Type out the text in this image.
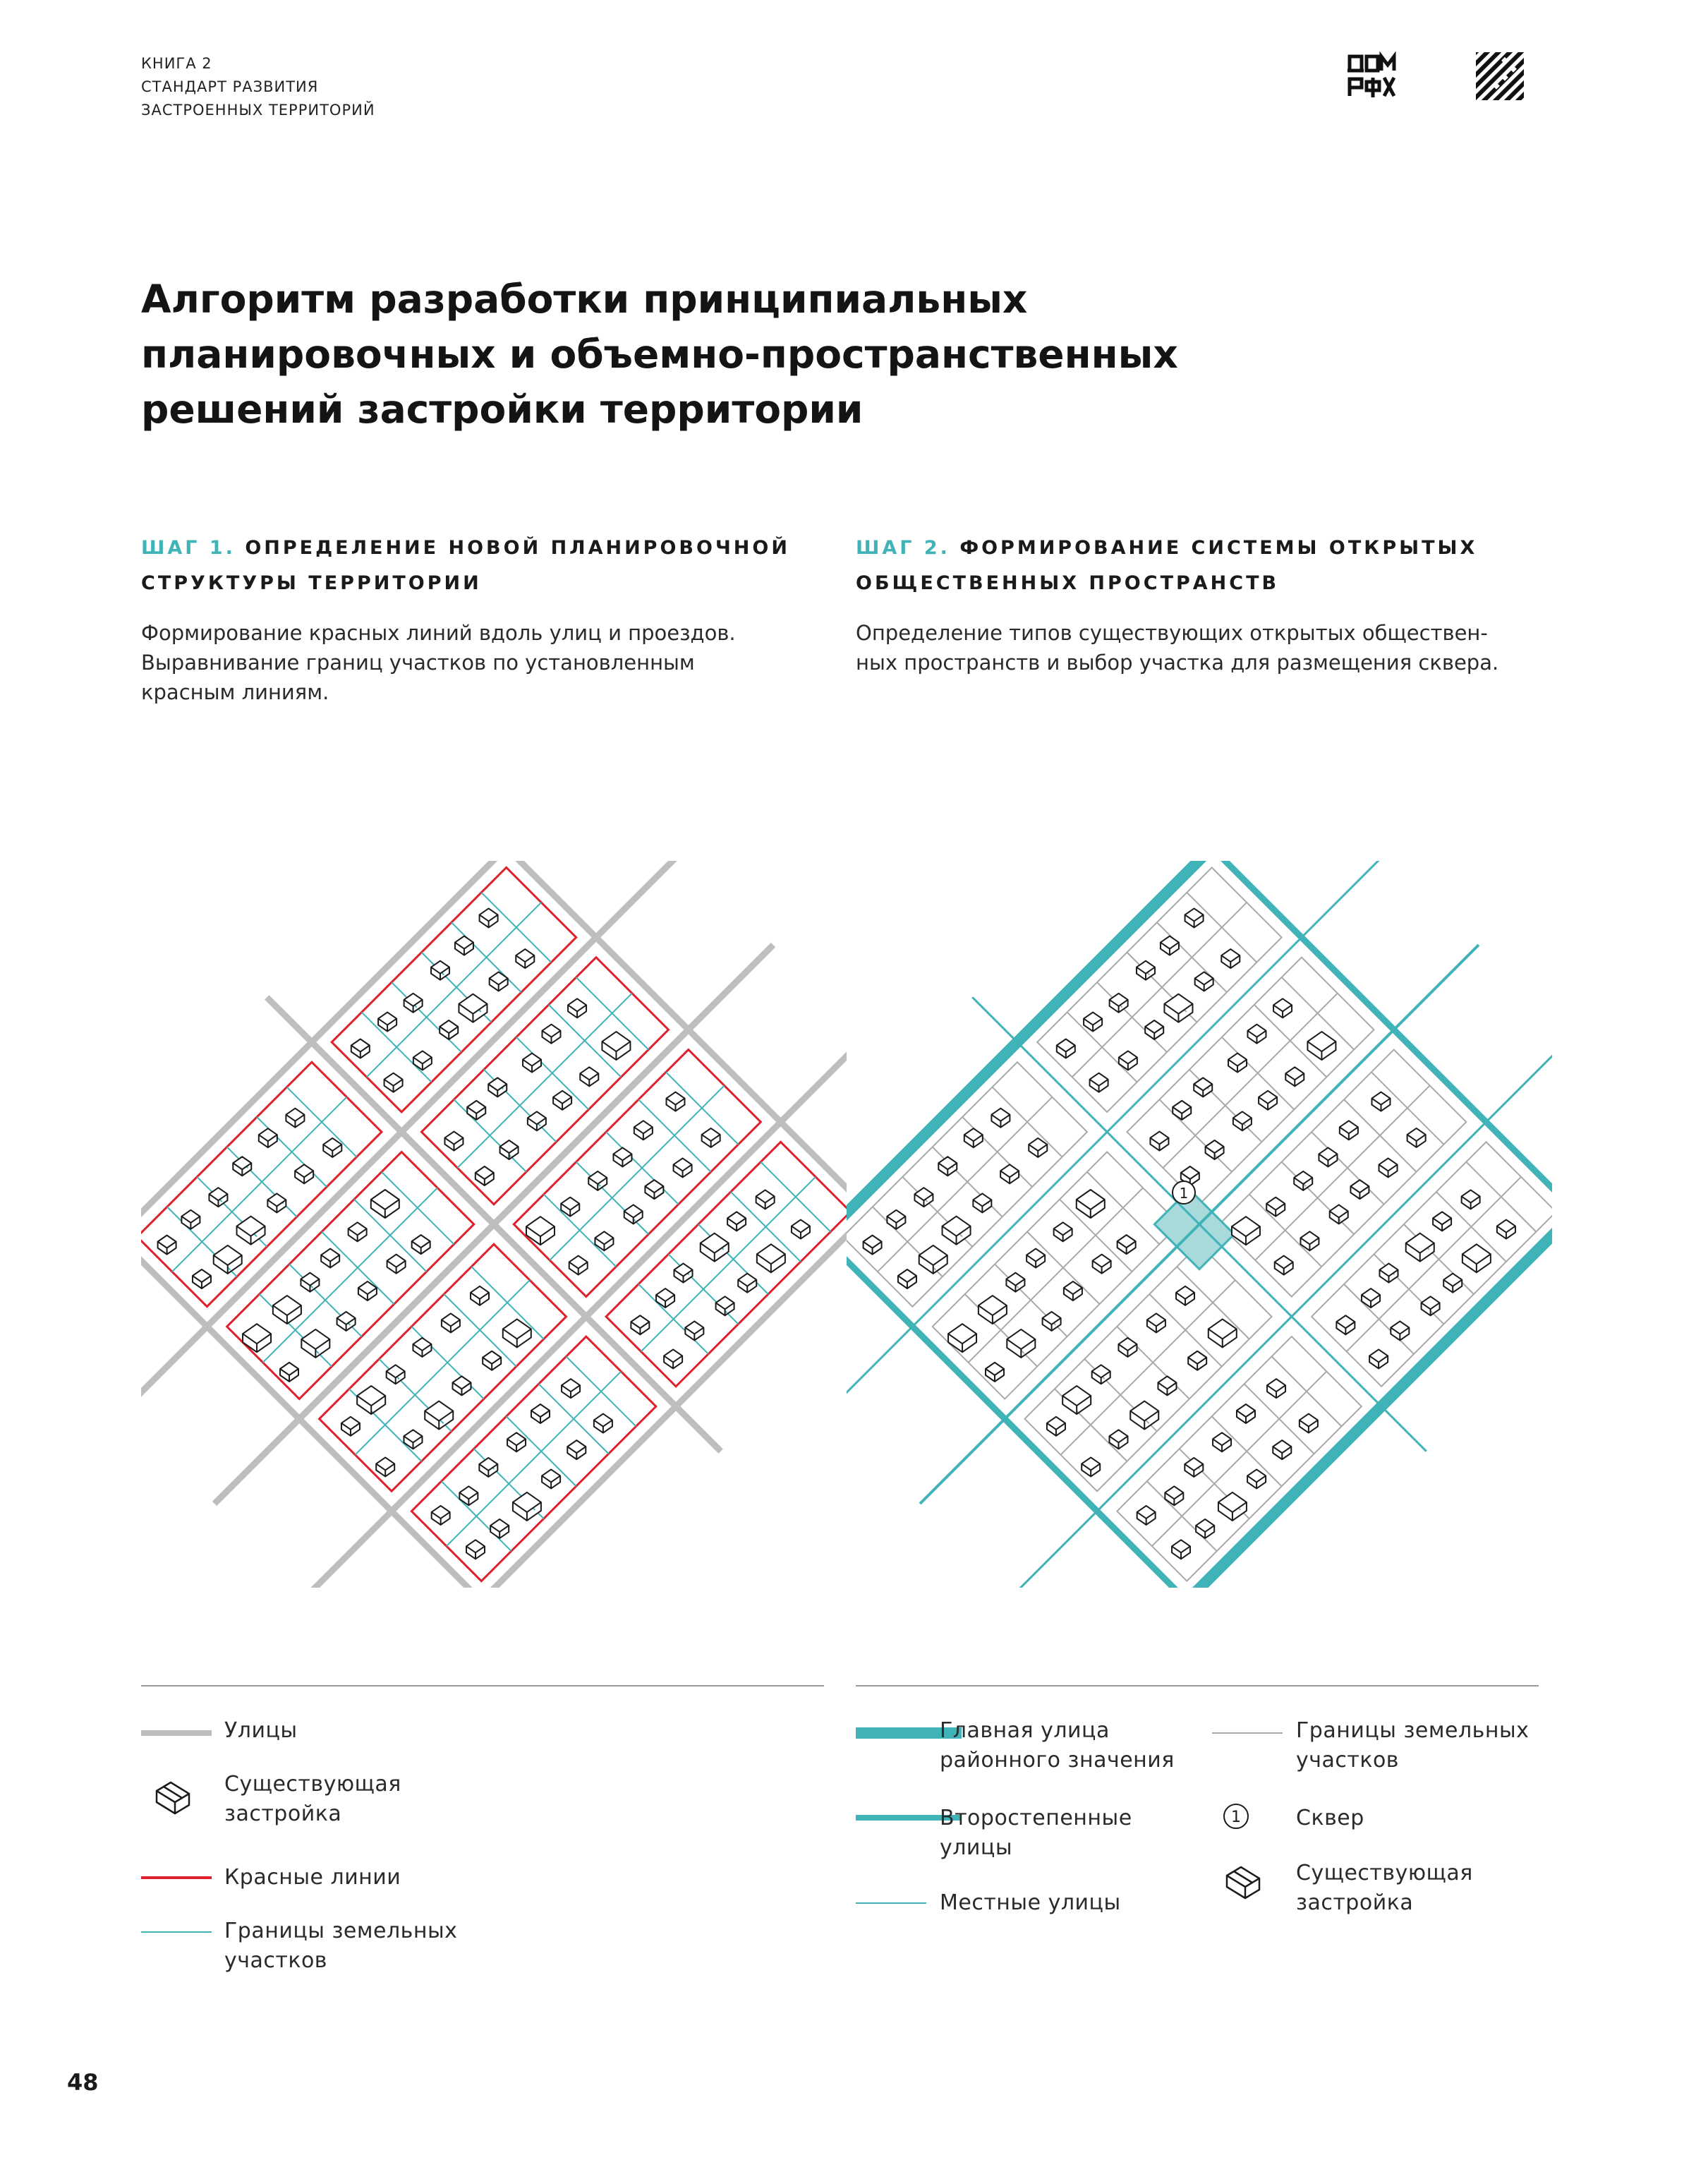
КНИГА 2
СТАНДАРТ РАЗВИТИЯ
ЗАСТРОЕННЫХ ТЕРРИТОРИЙ
Алгоритм разработки принципиальных
планировочных и объемно-пространственных
решений застройки территории
ШАГ 1. ОПРЕДЕЛЕНИЕ НОВОЙ ПЛАНИРОВОЧНОЙ
СТРУКТУРЫ ТЕРРИТОРИИ
Формирование красных линий вдоль улиц и проездов.
Выравнивание границ участков по установленным
красным линиям.
ШАГ 2. ФОРМИРОВАНИЕ СИСТЕМЫ ОТКРЫТЫХ
ОБЩЕСТВЕННЫХ ПРОСТРАНСТВ
Определение типов существующих открытых обществен-
ных пространств и выбор участка для размещения сквера.
1
Улицы
Существующая
застройка
Красные линии
Границы земельных
участков
Главная улица
районного значения
Второстепенные
улицы
Местные улицы
Границы земельных
участков
1	Сквер
Существующая
застройка
48
